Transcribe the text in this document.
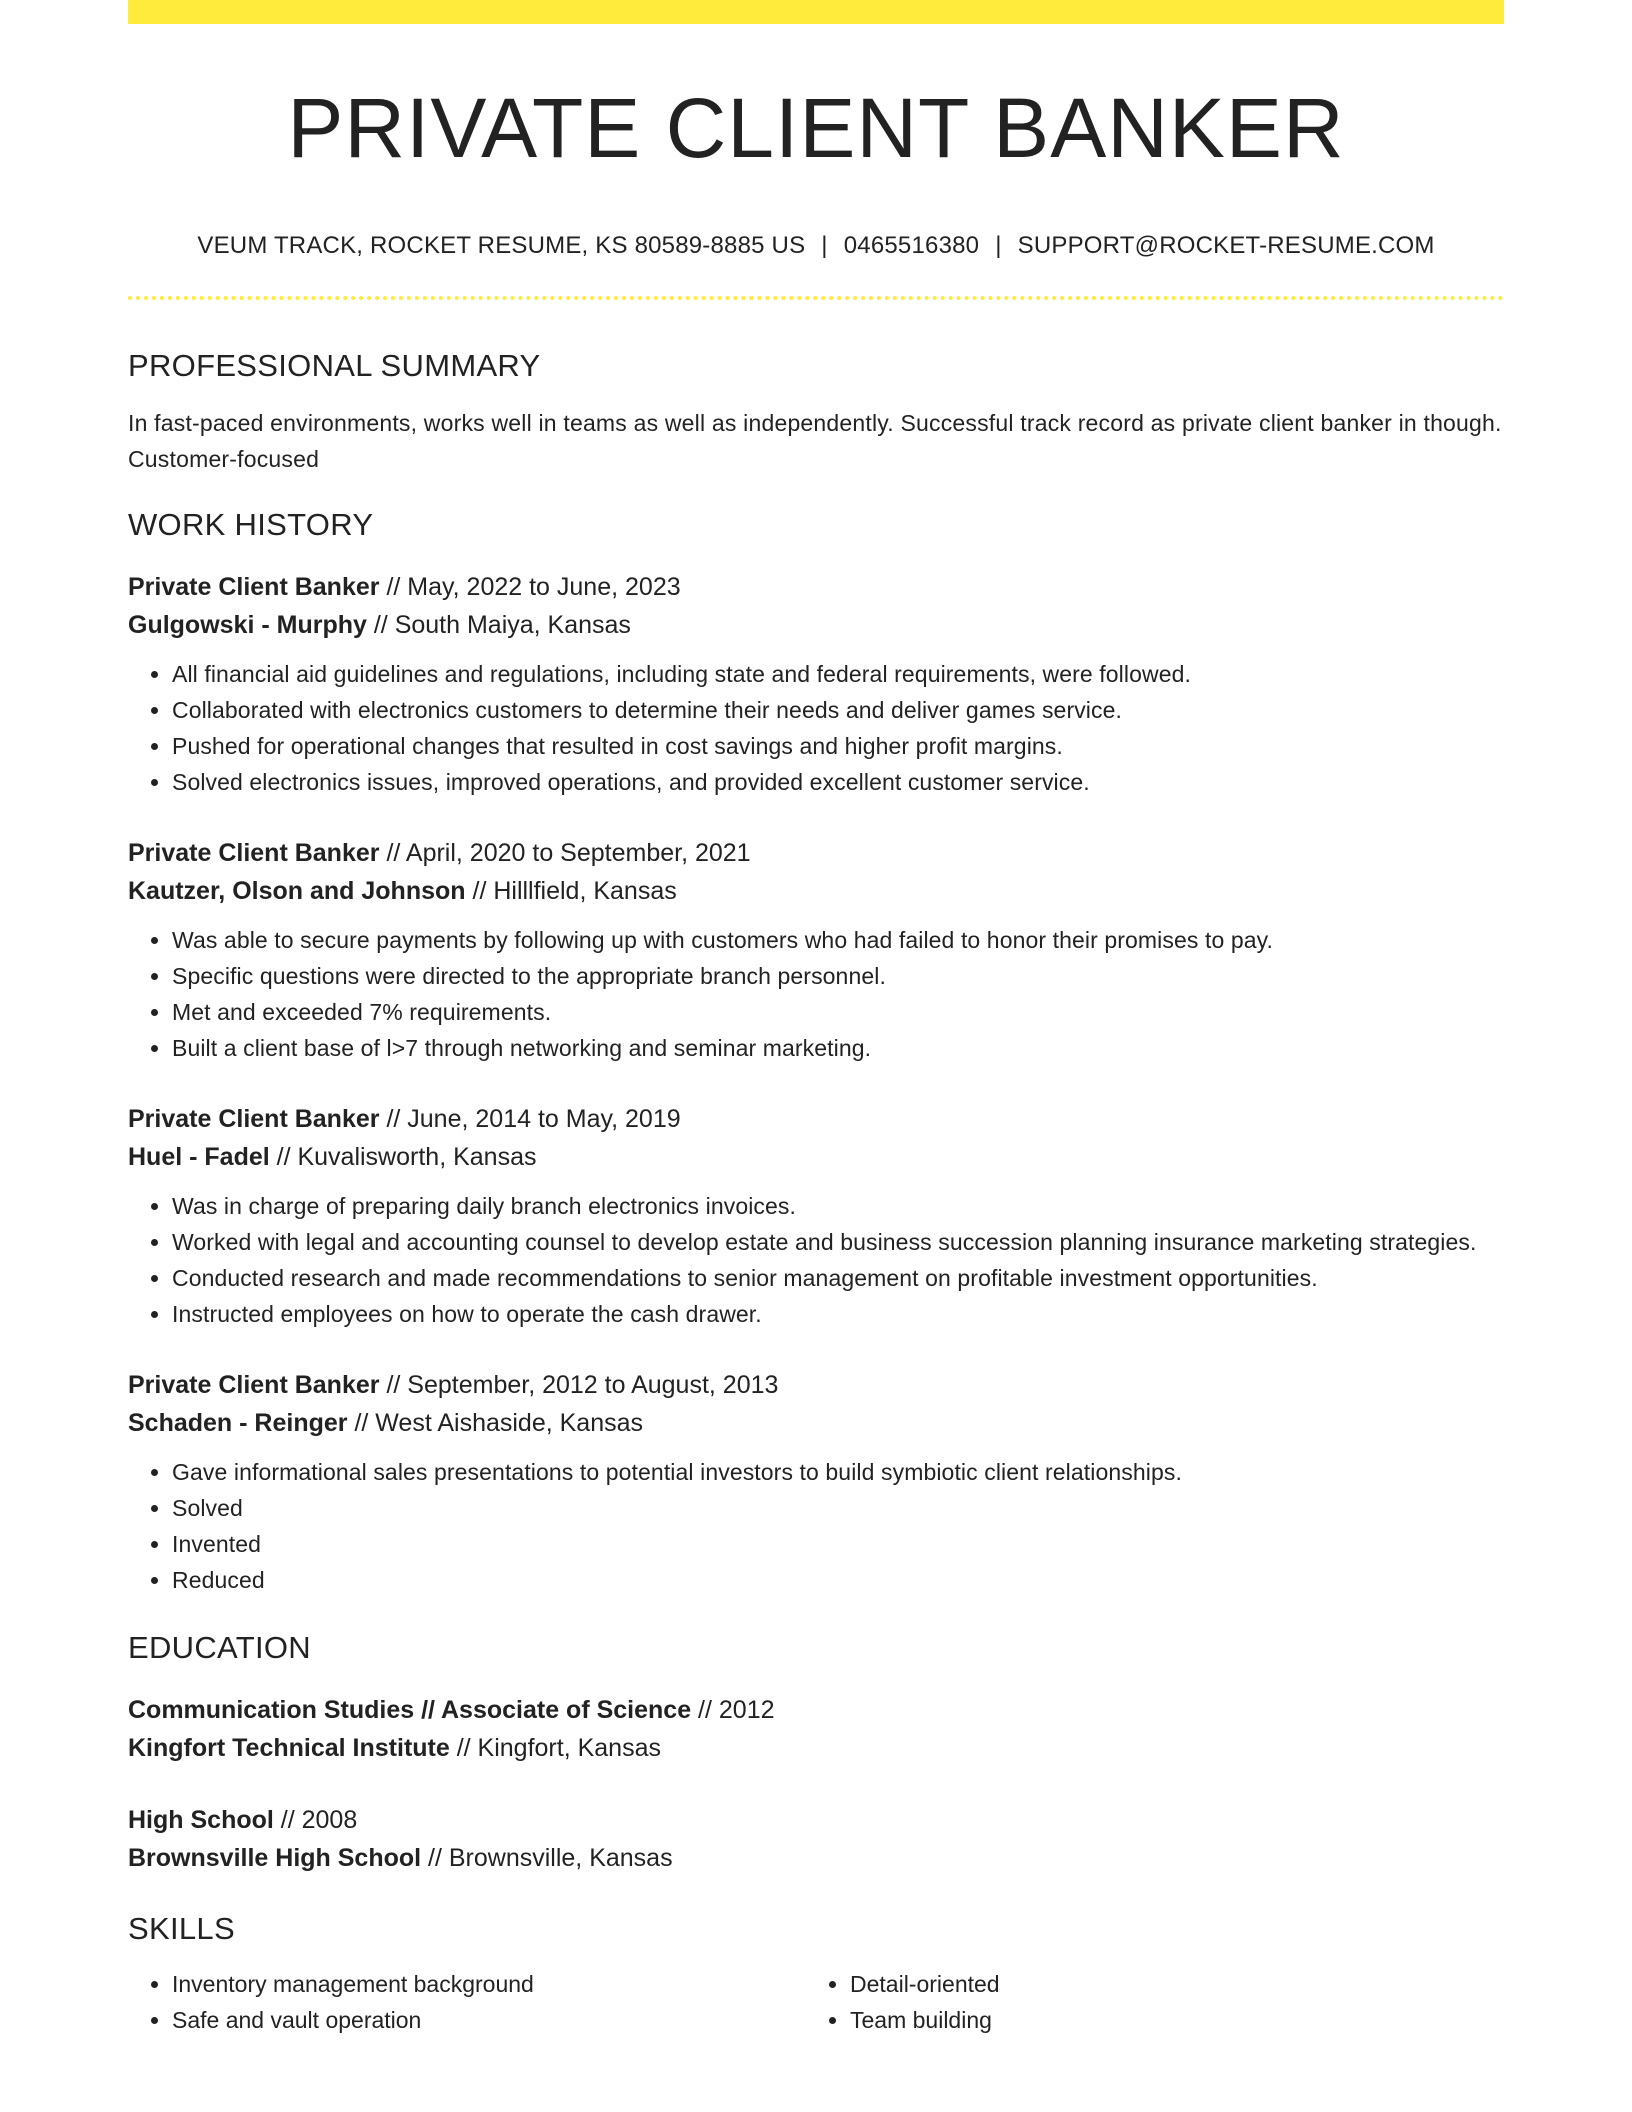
PRIVATE CLIENT BANKER
VEUM TRACK, ROCKET RESUME, KS 80589-8885 US | 0465516380 | SUPPORT@ROCKET-RESUME.COM
PROFESSIONAL SUMMARY
In fast-paced environments, works well in teams as well as independently. Successful track record as private client banker in though. Customer-focused
WORK HISTORY
Private Client Banker // May, 2022 to June, 2023
Gulgowski - Murphy // South Maiya, Kansas
• All financial aid guidelines and regulations, including state and federal requirements, were followed.
• Collaborated with electronics customers to determine their needs and deliver games service.
• Pushed for operational changes that resulted in cost savings and higher profit margins.
• Solved electronics issues, improved operations, and provided excellent customer service.
Private Client Banker // April, 2020 to September, 2021
Kautzer, Olson and Johnson // Hilllfield, Kansas
• Was able to secure payments by following up with customers who had failed to honor their promises to pay.
• Specific questions were directed to the appropriate branch personnel.
• Met and exceeded 7% requirements.
• Built a client base of l>7 through networking and seminar marketing.
Private Client Banker // June, 2014 to May, 2019
Huel - Fadel // Kuvalisworth, Kansas
• Was in charge of preparing daily branch electronics invoices.
• Worked with legal and accounting counsel to develop estate and business succession planning insurance marketing strategies.
• Conducted research and made recommendations to senior management on profitable investment opportunities.
• Instructed employees on how to operate the cash drawer.
Private Client Banker // September, 2012 to August, 2013
Schaden - Reinger // West Aishaside, Kansas
• Gave informational sales presentations to potential investors to build symbiotic client relationships.
• Solved
• Invented
• Reduced
EDUCATION
Communication Studies // Associate of Science // 2012
Kingfort Technical Institute // Kingfort, Kansas
High School // 2008
Brownsville High School // Brownsville, Kansas
SKILLS
• Inventory management background
• Safe and vault operation
• Detail-oriented
• Team building
